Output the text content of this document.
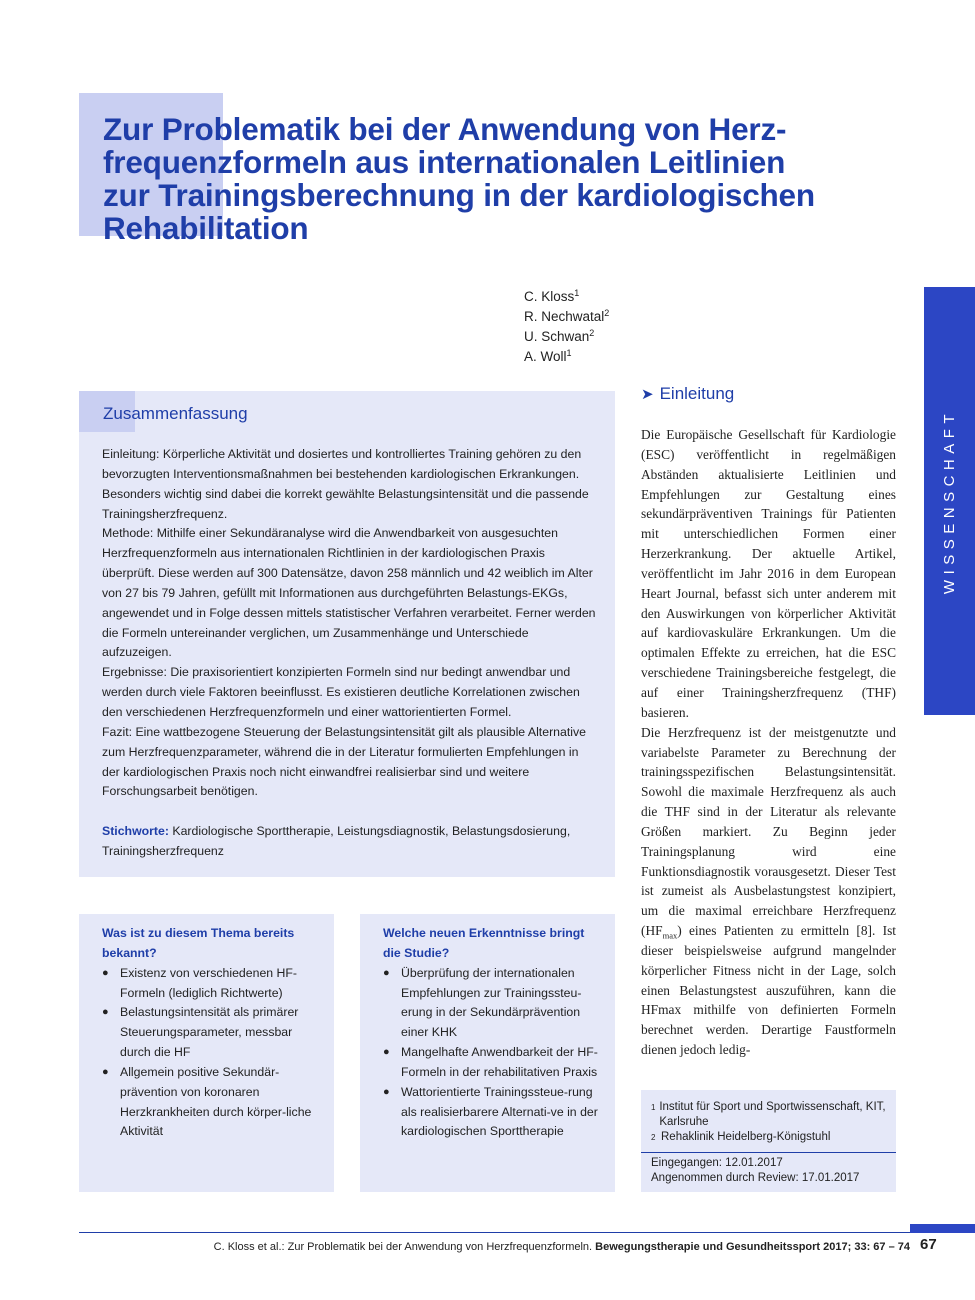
Zur Problematik bei der Anwendung von Herz-
frequenzformeln aus internationalen Leitlinien
zur Trainingsberechnung in der kardiologischen
Rehabilitation
C. Kloss$^1$
R. Nechwatal$^2$
U. Schwan$^2$
A. Woll$^1$
WISSENSCHAFT
Zusammenfassung

Einleitung: Körperliche Aktivität und dosiertes und kontrolliertes Training gehören zu den bevorzugten Interventionsmaßnahmen bei bestehenden kardiologischen Erkrankungen. Besonders wichtig sind dabei die korrekt gewählte Belastungsintensität und die passende Trainingsherzfrequenz.

Methode: Mithilfe einer Sekundäranalyse wird die Anwendbarkeit von ausgesuchten Herzfrequenzformeln aus internationalen Richtlinien in der kardiologischen Praxis überprüft. Diese werden auf 300 Datensätze, davon 258 männlich und 42 weiblich im Alter von 27 bis 79 Jahren, gefüllt mit Informationen aus durchgeführten Belastungs-EKGs, angewendet und in Folge dessen mittels statistischer Verfahren verarbeitet. Ferner werden die Formeln untereinander verglichen, um Zusammenhänge und Unterschiede aufzuzeigen.

Ergebnisse: Die praxisorientiert konzipierten Formeln sind nur bedingt anwendbar und werden durch viele Faktoren beeinflusst. Es existieren deutliche Korrelationen zwischen den verschiedenen Herzfrequenzformeln und einer wattorientierten Formel.

Fazit: Eine wattbezogene Steuerung der Belastungsintensität gilt als plausible Alternative zum Herzfrequenzparameter, während die in der Literatur formulierten Empfehlungen in der kardiologischen Praxis noch nicht einwandfrei realisierbar sind und weitere Forschungsarbeit benötigen.

Stichworte: Kardiologische Sporttherapie, Leistungsdiagnostik, Belastungsdosierung, Trainingsherzfrequenz

Was ist zu diesem Thema bereits bekannt?

● Existenz von verschiedenen HF-Formeln (lediglich Richtwerte)
● Belastungsintensität als primärer Steuerungsparameter, messbar durch die HF
● Allgemein positive Sekundär-prävention von koronaren Herzkrankheiten durch körper-liche Aktivität

Welche neuen Erkenntnisse bringt die Studie?

● Überprüfung der internationalen Empfehlungen zur Trainingssteu-erung in der Sekundärprävention einer KHK
● Mangelhafte Anwendbarkeit der HF-Formeln in der rehabilitativen Praxis
● Wattorientierte Trainingssteue-rung als realisierbarere Alternati-ve in der kardiologischen Sporttherapie
➤ Einleitung

Die Europäische Gesellschaft für Kardiologie (ESC) veröffentlicht in regelmäßigen Abständen aktualisierte Leitlinien und Empfehlungen zur Gestaltung eines sekundärpräventiven Trainings für Patienten mit unterschiedlichen Formen einer Herzerkrankung. Der aktuelle Artikel, veröffentlicht im Jahr 2016 in dem European Heart Journal, befasst sich unter anderem mit den Auswirkungen von körperlicher Aktivität auf kardiovaskuläre Erkrankungen. Um die optimalen Effekte zu erreichen, hat die ESC verschiedene Trainingsbereiche festgelegt, die auf einer Trainingsherzfrequenz (THF) basieren.

Die Herzfrequenz ist der meistgenutzte und variabelste Parameter zu Berechnung der trainingsspezifischen Belastungsintensität. Sowohl die maximale Herzfrequenz als auch die THF sind in der Literatur als relevante Größen markiert. Zu Beginn jeder Trainingsplanung wird eine Funktionsdiagnostik vorausgesetzt. Dieser Test ist zumeist als Ausbelastungstest konzipiert, um die maximal erreichbare Herzfrequenz $(HF_{max})$ eines Patienten zu ermitteln [8]. Ist dieser beispielsweise aufgrund mangelnder körperlicher Fitness nicht in der Lage, solch einen Belastungstest auszuführen, kann die HFmax mithilfe von definierten Formeln berechnet werden. Derartige Faustformeln dienen jedoch ledig-

1 Institut für Sport und Sportwissenschaft, KIT, Karlsruhe
2 Rehaklinik Heidelberg-Königstuhl
Eingegangen: 12.01.2017
Angenommen durch Review: 17.01.2017
C. Kloss et al.: Zur Problematik bei der Anwendung von Herzfrequenzformeln. Bewegungstherapie und Gesundheitssport 2017; 33: 67 – 74 67
